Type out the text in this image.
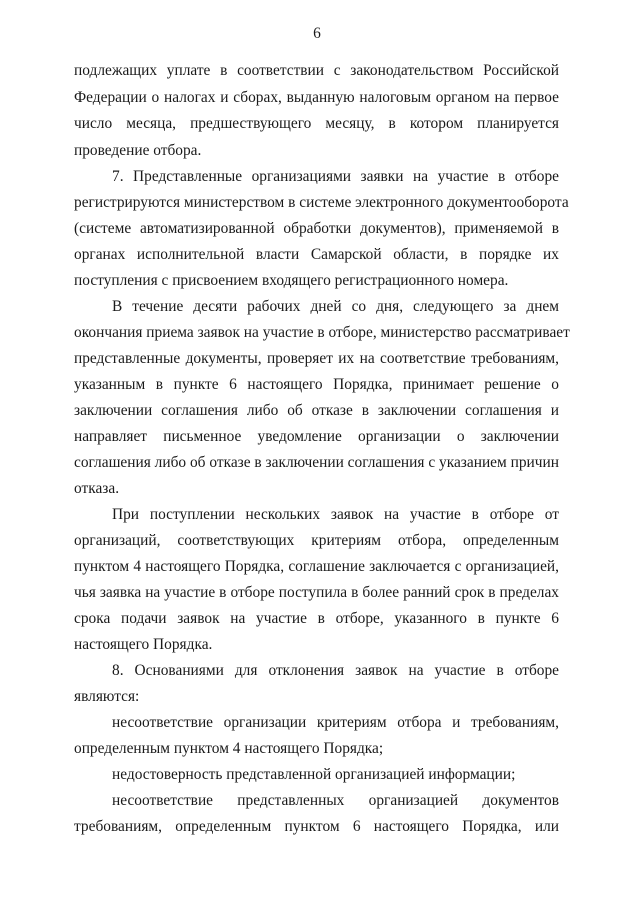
6
подлежащих уплате в соответствии с законодательством Российской
Федерации о налогах и сборах, выданную налоговым органом на первое
число месяца, предшествующего месяцу, в котором планируется
проведение отбора.
7. Представленные организациями заявки на участие в отборе
регистрируются министерством в системе электронного документооборота
(системе автоматизированной обработки документов), применяемой в
органах исполнительной власти Самарской области, в порядке их
поступления с присвоением входящего регистрационного номера.
В течение десяти рабочих дней со дня, следующего за днем
окончания приема заявок на участие в отборе, министерство рассматривает
представленные документы, проверяет их на соответствие требованиям,
указанным в пункте 6 настоящего Порядка, принимает решение о
заключении соглашения либо об отказе в заключении соглашения и
направляет письменное уведомление организации о заключении
соглашения либо об отказе в заключении соглашения с указанием причин
отказа.
При поступлении нескольких заявок на участие в отборе от
организаций, соответствующих критериям отбора, определенным
пунктом 4 настоящего Порядка, соглашение заключается с организацией,
чья заявка на участие в отборе поступила в более ранний срок в пределах
срока подачи заявок на участие в отборе, указанного в пункте 6
настоящего Порядка.
8. Основаниями для отклонения заявок на участие в отборе
являются:
несоответствие организации критериям отбора и требованиям,
определенным пунктом 4 настоящего Порядка;
недостоверность представленной организацией информации;
несоответствие представленных организацией документов
требованиям, определенным пунктом 6 настоящего Порядка, или
